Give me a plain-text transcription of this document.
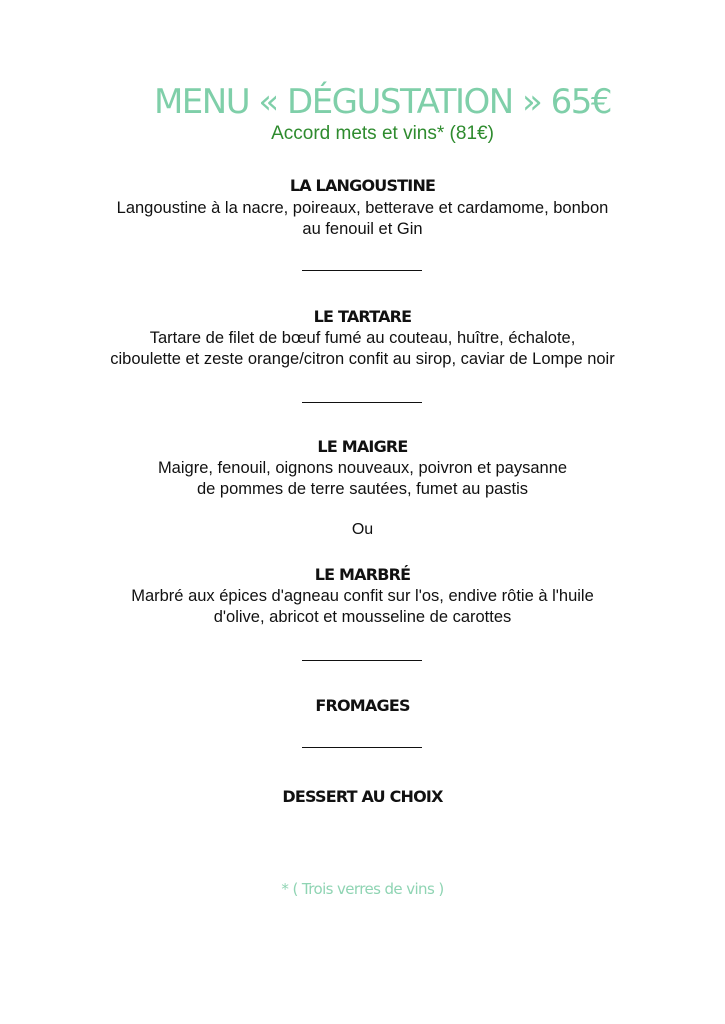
MENU « DÉGUSTATION » 65€
Accord mets et vins* (81€)
LA LANGOUSTINE
Langoustine à la nacre, poireaux, betterave et cardamome, bonbon
au fenouil et Gin
LE TARTARE
Tartare de filet de bœuf fumé au couteau, huître, échalote,
ciboulette et zeste orange/citron confit au sirop, caviar de Lompe noir
LE MAIGRE
Maigre, fenouil, oignons nouveaux, poivron et paysanne
de pommes de terre sautées, fumet au pastis
Ou
LE MARBRÉ
Marbré aux épices d'agneau confit sur l'os, endive rôtie à l'huile
d'olive, abricot et mousseline de carottes
FROMAGES
DESSERT AU CHOIX
* ( Trois verres de vins )
